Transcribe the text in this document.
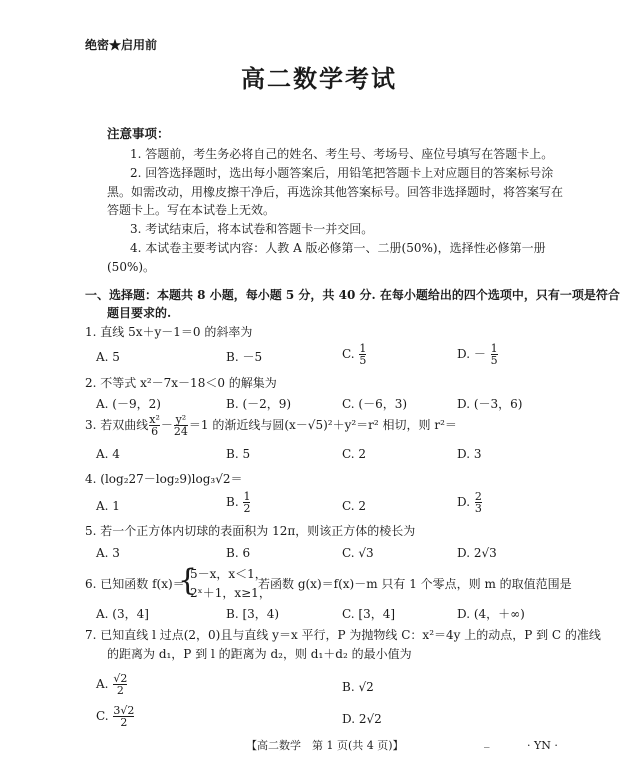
绝密★启用前
高二数学考试
注意事项：
1. 答题前，考生务必将自己的姓名、考生号、考场号、座位号填写在答题卡上。
2. 回答选择题时，选出每小题答案后，用铅笔把答题卡上对应题目的答案标号涂
黑。如需改动，用橡皮擦干净后，再选涂其他答案标号。回答非选择题时，将答案写在
答题卡上。写在本试卷上无效。
3. 考试结束后，将本试卷和答题卡一并交回。
4. 本试卷主要考试内容：人教 A 版必修第一、二册(50%)，选择性必修第一册
(50%)。
一、选择题：本题共 8 小题，每小题 5 分，共 40 分. 在每小题给出的四个选项中，只有一项是符合
题目要求的.
1. 直线 5x＋y－1＝0 的斜率为
A. 5	B. －5	C. $\frac{1}{5}$	D. － $\frac{1}{5}$
2. 不等式 x²－7x－18＜0 的解集为
A. (－9，2)	B. (－2，9)	C. (－6，3)	D. (－3，6)
3. 若双曲线 $\frac{\text{x²}}{6} - \frac{\text{y²}}{24} =1$ 的渐近线与圆(x－√5)²＋y²＝r² 相切，则 r²＝
A. 4	B. 5	C. 2	D. 3
4. (log₂27－log₂9)log₃√2＝
A. 1	B. $\frac{1}{2}$	C. 2	D. $\frac{2}{3}$
5. 若一个正方体内切球的表面积为 12π，则该正方体的棱长为
A. 3	B. 6	C. √3	D. 2√3
6. 已知函数 f(x)＝
{
5－x，x＜1，
2ˣ＋1，x≥1，
若函数 g(x)＝f(x)－m 只有 1 个零点，则 m 的取值范围是
A. (3，4]	B. [3，4)	C. [3，4]	D. (4，＋∞)
7. 已知直线 l 过点(2，0)且与直线 y＝x 平行，P 为抛物线 C：x²＝4y 上的动点，P 到 C 的准线
的距离为 d₁，P 到 l 的距离为 d₂，则 d₁＋d₂ 的最小值为
A. $\frac{√2}{2}$	B. √2
C. $\frac{3√2}{2}$	D. 2√2
【高二数学　第 1 页(共 4 页)】	_	· YN ·
